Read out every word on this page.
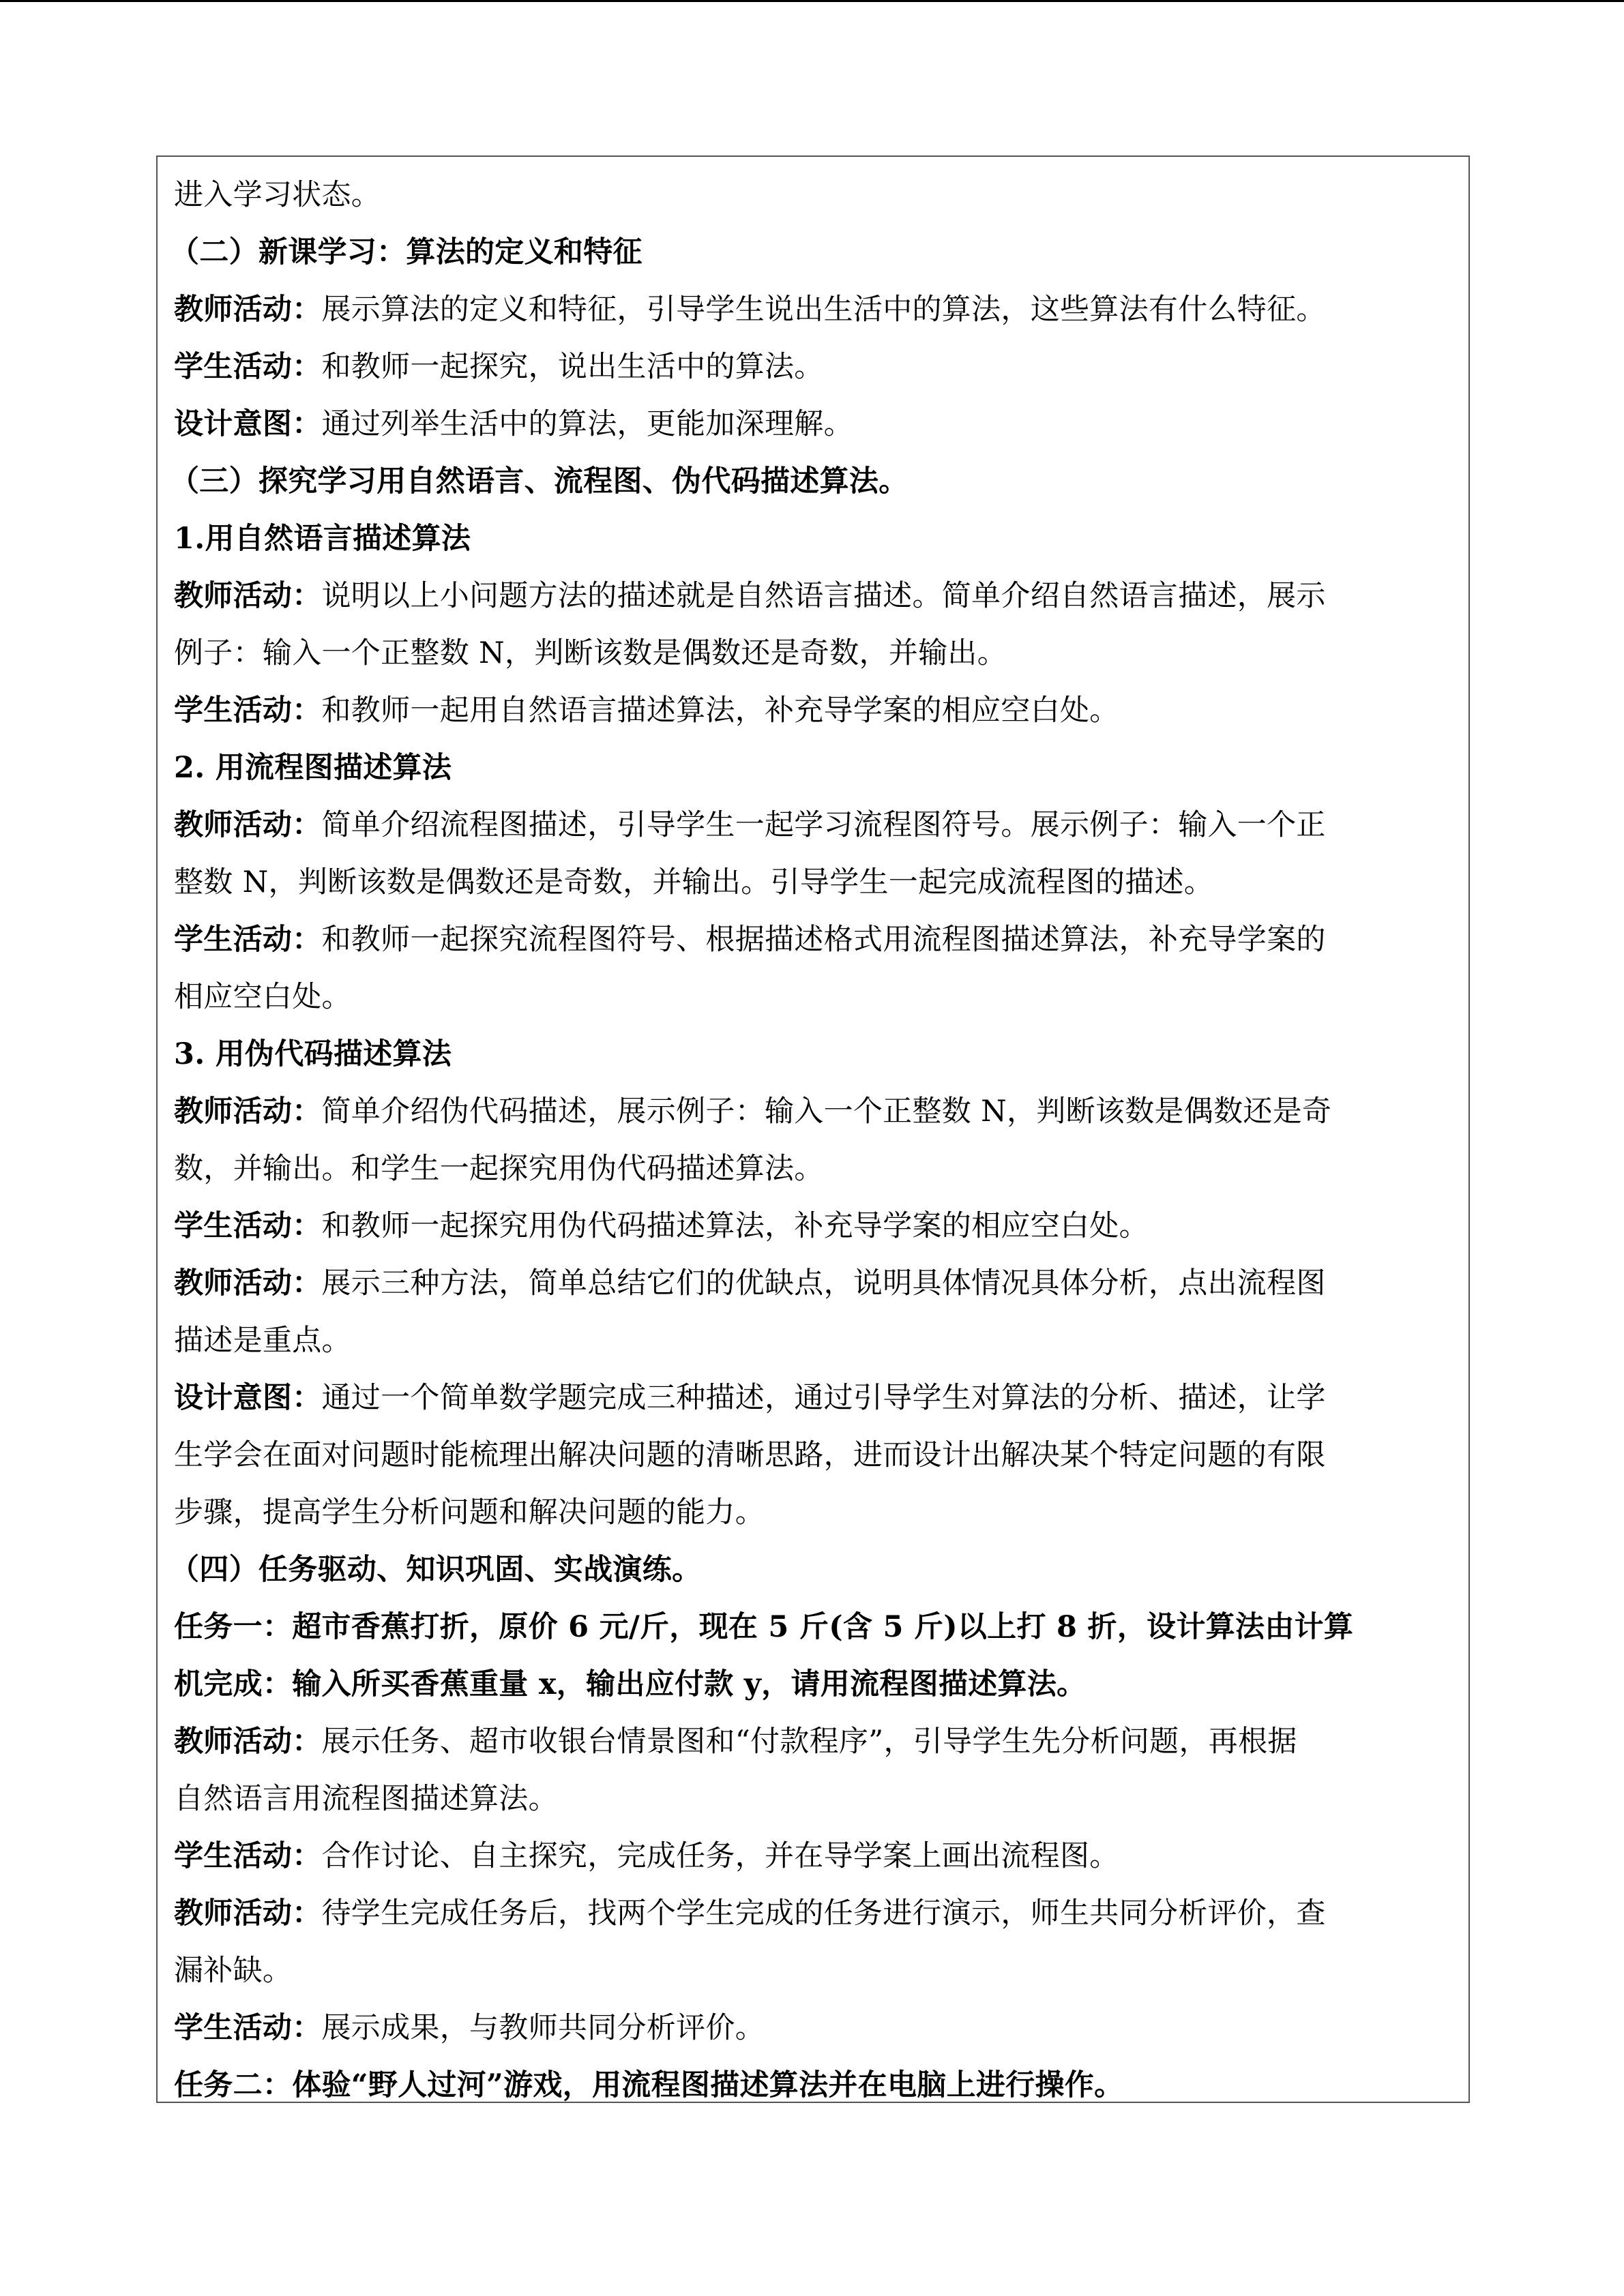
进入学习状态。
（二）新课学习：算法的定义和特征
教师活动：展示算法的定义和特征，引导学生说出生活中的算法，这些算法有什么特征。
学生活动：和教师一起探究，说出生活中的算法。
设计意图：通过列举生活中的算法，更能加深理解。
（三）探究学习用自然语言、流程图、伪代码描述算法。
1.用自然语言描述算法
教师活动：说明以上小问题方法的描述就是自然语言描述。简单介绍自然语言描述，展示
例子：输入一个正整数 N，判断该数是偶数还是奇数，并输出。
学生活动：和教师一起用自然语言描述算法，补充导学案的相应空白处。
2. 用流程图描述算法
教师活动：简单介绍流程图描述，引导学生一起学习流程图符号。展示例子：输入一个正
整数 N，判断该数是偶数还是奇数，并输出。引导学生一起完成流程图的描述。
学生活动：和教师一起探究流程图符号、根据描述格式用流程图描述算法，补充导学案的
相应空白处。
3. 用伪代码描述算法
教师活动：简单介绍伪代码描述，展示例子：输入一个正整数 N，判断该数是偶数还是奇
数，并输出。和学生一起探究用伪代码描述算法。
学生活动：和教师一起探究用伪代码描述算法，补充导学案的相应空白处。
教师活动：展示三种方法，简单总结它们的优缺点，说明具体情况具体分析，点出流程图
描述是重点。
设计意图：通过一个简单数学题完成三种描述，通过引导学生对算法的分析、描述，让学
生学会在面对问题时能梳理出解决问题的清晰思路，进而设计出解决某个特定问题的有限
步骤，提高学生分析问题和解决问题的能力。
（四）任务驱动、知识巩固、实战演练。
任务一：超市香蕉打折，原价 6 元/斤，现在 5 斤(含 5 斤)以上打 8 折，设计算法由计算
机完成：输入所买香蕉重量 x，输出应付款 y，请用流程图描述算法。
教师活动：展示任务、超市收银台情景图和“付款程序”，引导学生先分析问题，再根据
自然语言用流程图描述算法。
学生活动：合作讨论、自主探究，完成任务，并在导学案上画出流程图。
教师活动：待学生完成任务后，找两个学生完成的任务进行演示，师生共同分析评价，查
漏补缺。
学生活动：展示成果，与教师共同分析评价。
任务二：体验“野人过河”游戏，用流程图描述算法并在电脑上进行操作。
